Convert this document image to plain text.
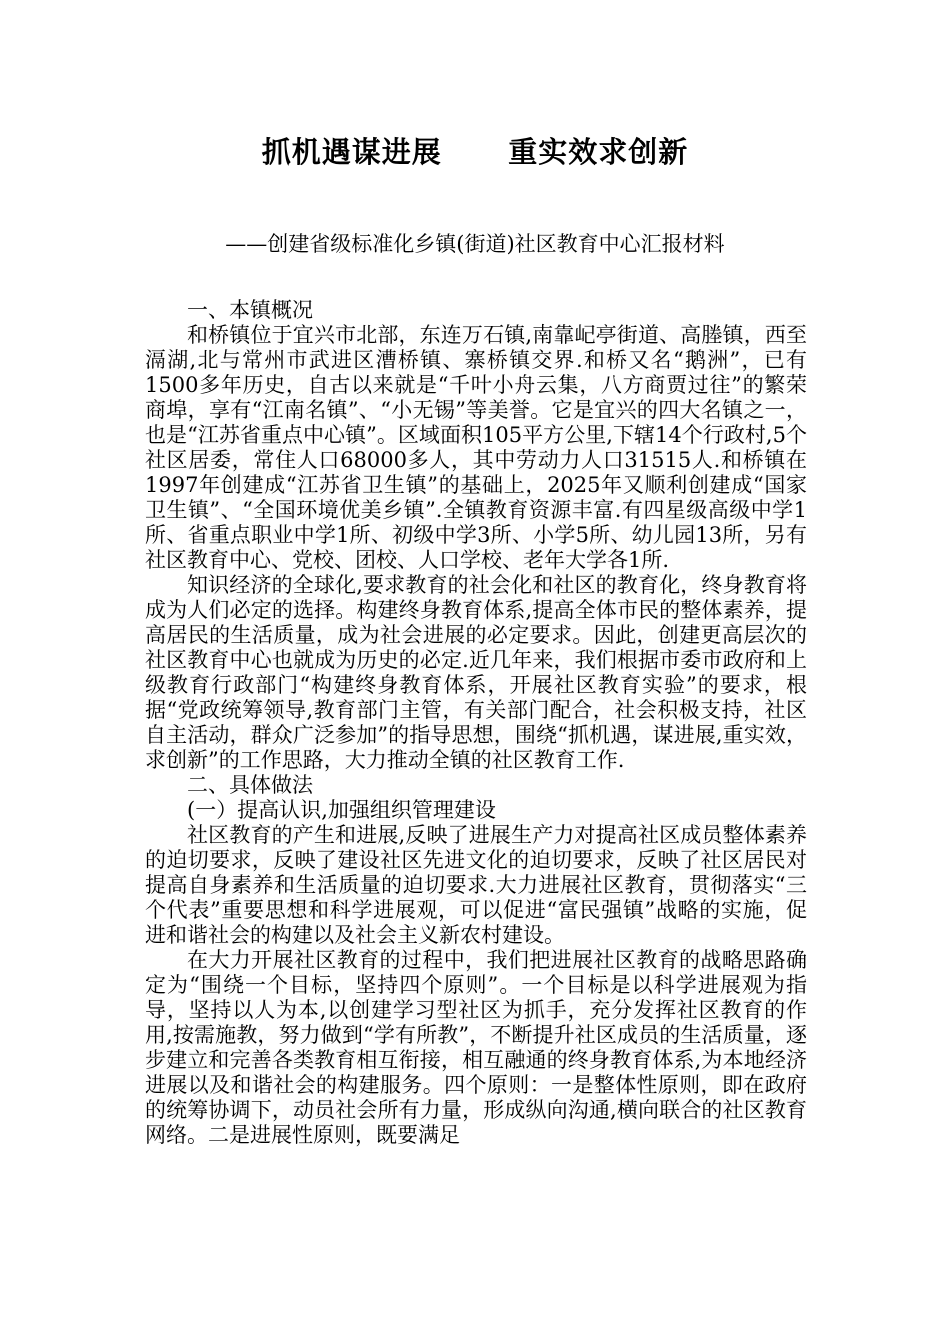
抓机遇谋进展      重实效求创新

——创建省级标准化乡镇(街道)社区教育中心汇报材料

一、本镇概况

和桥镇位于宜兴市北部，东连万石镇,南靠屺亭街道、高塍镇，西至滆湖,北与常州市武进区漕桥镇、寨桥镇交界.和桥又名“鹅洲”，已有1500多年历史，自古以来就是“千叶小舟云集，八方商贾过往”的繁荣商埠，享有“江南名镇”、“小无锡”等美誉。它是宜兴的四大名镇之一，也是“江苏省重点中心镇”。区域面积105平方公里,下辖14个行政村,5个社区居委，常住人口68000多人，其中劳动力人口31515人.和桥镇在1997年创建成“江苏省卫生镇”的基础上，2025年又顺利创建成“国家卫生镇”、“全国环境优美乡镇”.全镇教育资源丰富.有四星级高级中学1所、省重点职业中学1所、初级中学3所、小学5所、幼儿园13所，另有社区教育中心、党校、团校、人口学校、老年大学各1所.

知识经济的全球化,要求教育的社会化和社区的教育化，终身教育将成为人们必定的选择。构建终身教育体系,提高全体市民的整体素养，提高居民的生活质量，成为社会进展的必定要求。因此，创建更高层次的社区教育中心也就成为历史的必定.近几年来，我们根据市委市政府和上级教育行政部门“构建终身教育体系，开展社区教育实验”的要求，根据“党政统筹领导,教育部门主管，有关部门配合，社会积极支持，社区自主活动，群众广泛参加”的指导思想，围绕“抓机遇，谋进展,重实效，求创新”的工作思路，大力推动全镇的社区教育工作.

二、具体做法

(一）提高认识,加强组织管理建设

社区教育的产生和进展,反映了进展生产力对提高社区成员整体素养的迫切要求，反映了建设社区先进文化的迫切要求，反映了社区居民对提高自身素养和生活质量的迫切要求.大力进展社区教育，贯彻落实“三个代表”重要思想和科学进展观，可以促进“富民强镇”战略的实施，促进和谐社会的构建以及社会主义新农村建设。

在大力开展社区教育的过程中，我们把进展社区教育的战略思路确定为“围绕一个目标，坚持四个原则”。一个目标是以科学进展观为指导，坚持以人为本,以创建学习型社区为抓手，充分发挥社区教育的作用,按需施教，努力做到“学有所教”，不断提升社区成员的生活质量，逐步建立和完善各类教育相互衔接，相互融通的终身教育体系,为本地经济进展以及和谐社会的构建服务。四个原则：一是整体性原则，即在政府的统筹协调下，动员社会所有力量，形成纵向沟通,横向联合的社区教育网络。二是进展性原则，既要满足
